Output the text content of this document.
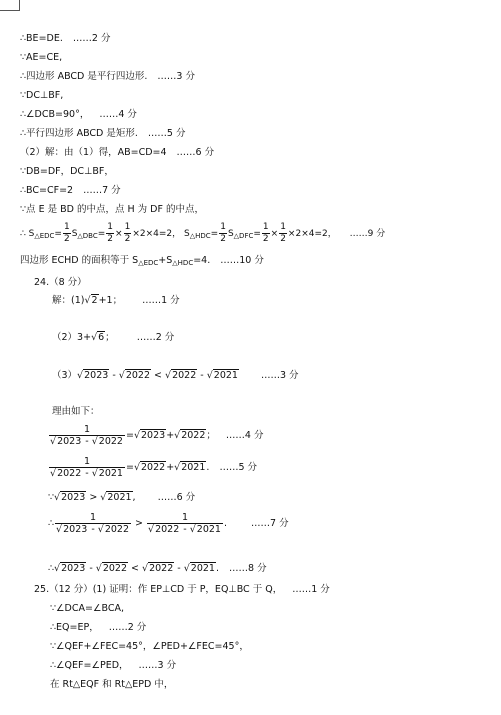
∴BE=DE. ……2 分
∵AE=CE,
∴四边形 ABCD 是平行四边形. ……3 分
∵DC⊥BF,
∴∠DCB=90°， ……4 分
∴平行四边形 ABCD 是矩形. ……5 分
（2）解：由（1）得，AB=CD=4 ……6 分
∵DB=DF，DC⊥BF，
∴BC=CF=2 ……7 分
∵点 E 是 BD 的中点，点 H 为 DF 的中点，
∴ $S_{\triangle EDC}= \frac{1}{2} S_{\triangle DBC}= \frac{1}{2} \times \frac{1}{2} \times 2\times 4=2$， $S_{\triangle HDC}= \frac{1}{2} S_{\triangle DFC}= \frac{1}{2} \times \frac{1}{2} \times 2\times 4=2$， ……9 分
四边形 ECHD 的面积等于 $S_{\triangle EDC}+S_{\triangle HDC}=4$. ……10 分
24.（8 分）
解：(1) √ 2+1； ……1 分
（2）3+ √ 6； ……2 分
（3） √ 2023 - √ 2022 < √ 2022 - √ 2021 ……3 分
理由如下：
1
√ 2023 - √ 2022 = √ 2023+ √ 2022； ……4 分
1
√ 2022 - √ 2021 = √ 2022+ √ 2021. ……5 分
∵ √ 2023 > √ 2021, ……6 分
∴ 1
√ 2023 - √ 2022 > 1
√ 2022 - √ 2021 .	……7 分
∴ √ 2023 - √ 2022 < √ 2022 - √ 2021. ……8 分
25.（12 分）(1) 证明：作 EP⊥CD 于 P，EQ⊥BC 于 Q， ……1 分
∵∠DCA=∠BCA,
∴EQ=EP， ……2 分
∵∠QEF+∠FEC=45°，∠PED+∠FEC=45°，
∴∠QEF=∠PED， ……3 分
在 Rt△EQF 和 Rt△EPD 中，
